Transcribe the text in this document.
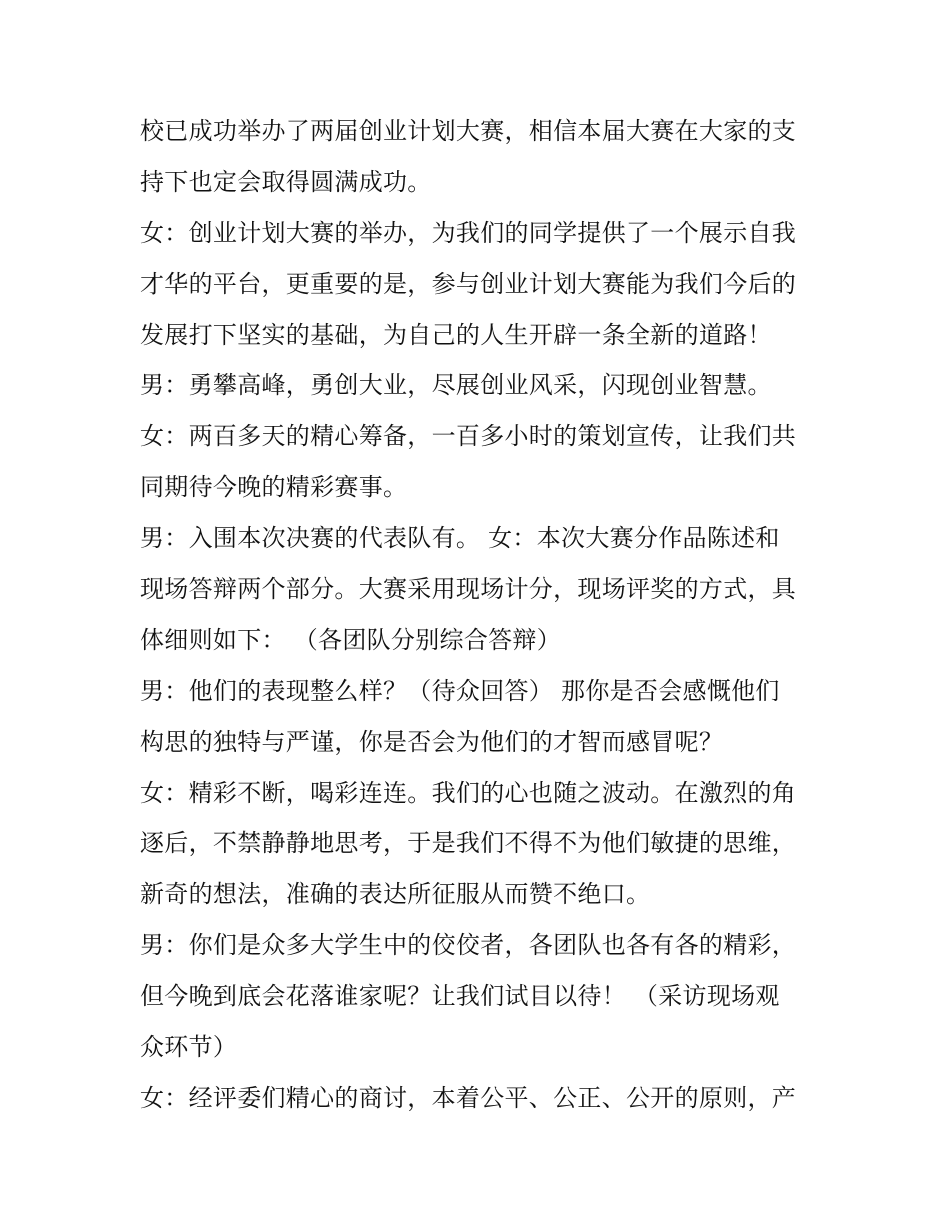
校已成功举办了两届创业计划大赛，相信本届大赛在大家的支
持下也定会取得圆满成功。
女：创业计划大赛的举办，为我们的同学提供了一个展示自我
才华的平台，更重要的是，参与创业计划大赛能为我们今后的
发展打下坚实的基础，为自己的人生开辟一条全新的道路！
男：勇攀高峰，勇创大业，尽展创业风采，闪现创业智慧。
女：两百多天的精心筹备，一百多小时的策划宣传，让我们共
同期待今晚的精彩赛事。
男：入围本次决赛的代表队有。 女：本次大赛分作品陈述和
现场答辩两个部分。大赛采用现场计分，现场评奖的方式，具
体细则如下： （各团队分别综合答辩）
男：他们的表现整么样？（待众回答） 那你是否会感慨他们
构思的独特与严谨，你是否会为他们的才智而感冒呢？
女：精彩不断，喝彩连连。我们的心也随之波动。在激烈的角
逐后，不禁静静地思考，于是我们不得不为他们敏捷的思维，
新奇的想法，准确的表达所征服从而赞不绝口。
男：你们是众多大学生中的佼佼者，各团队也各有各的精彩，
但今晚到底会花落谁家呢？让我们试目以待！ （采访现场观
众环节）
女：经评委们精心的商讨，本着公平、公正、公开的原则，产
